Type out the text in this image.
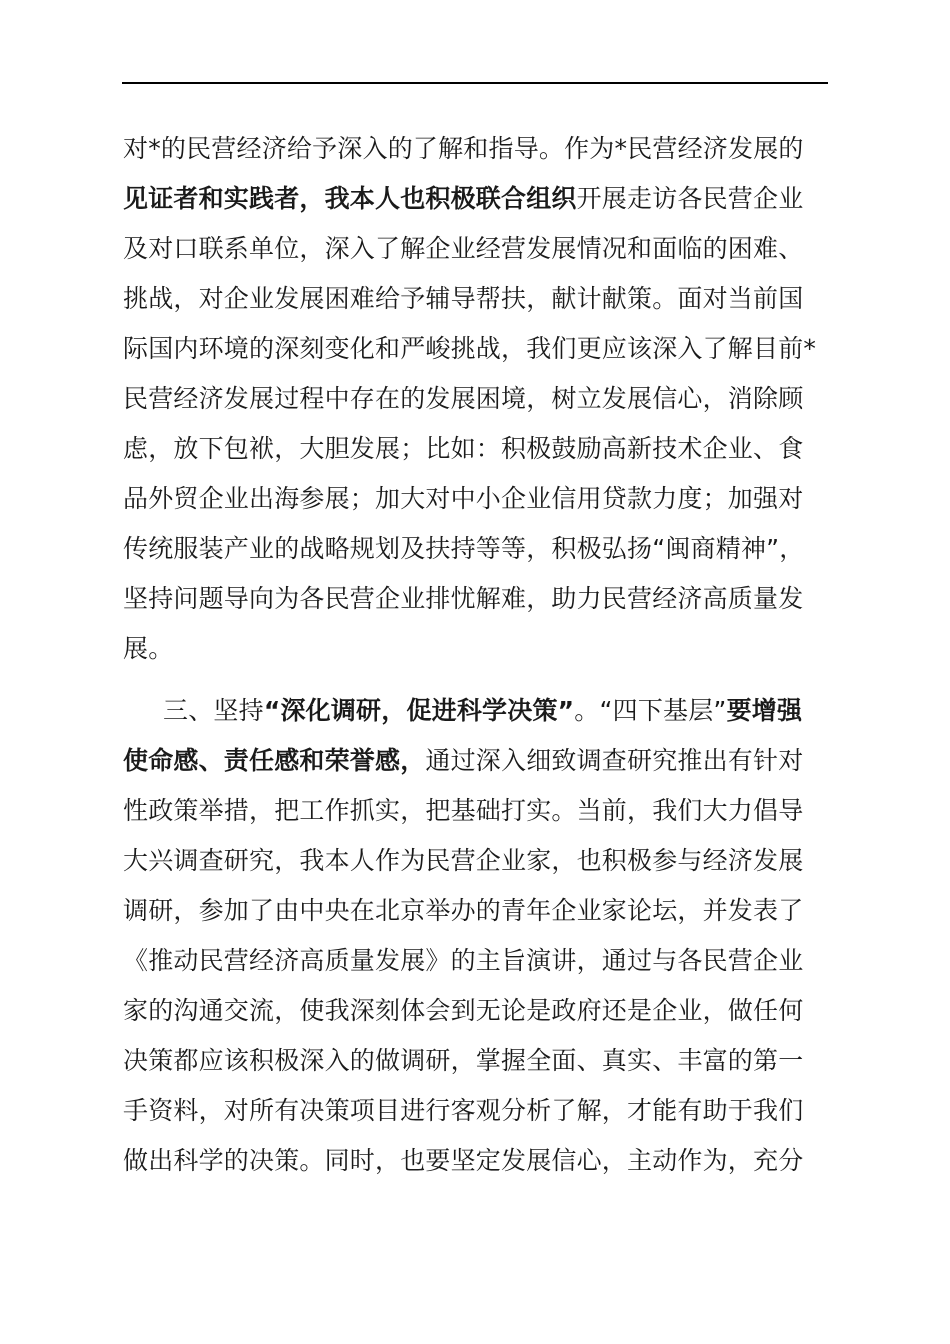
对*的民营经济给予深入的了解和指导。作为*民营经济发展的
见证者和实践者，我本人也积极联合组织开展走访各民营企业
及对口联系单位，深入了解企业经营发展情况和面临的困难、
挑战，对企业发展困难给予辅导帮扶，献计献策。面对当前国
际国内环境的深刻变化和严峻挑战，我们更应该深入了解目前*
民营经济发展过程中存在的发展困境，树立发展信心，消除顾
虑，放下包袱，大胆发展；比如：积极鼓励高新技术企业、食
品外贸企业出海参展；加大对中小企业信用贷款力度；加强对
传统服装产业的战略规划及扶持等等，积极弘扬“闽商精神”，
坚持问题导向为各民营企业排忧解难，助力民营经济高质量发
展。
三、坚持“深化调研，促进科学决策”。“四下基层”要增强
使命感、责任感和荣誉感，通过深入细致调查研究推出有针对
性政策举措，把工作抓实，把基础打实。当前，我们大力倡导
大兴调查研究，我本人作为民营企业家，也积极参与经济发展
调研，参加了由中央在北京举办的青年企业家论坛，并发表了
《推动民营经济高质量发展》的主旨演讲，通过与各民营企业
家的沟通交流，使我深刻体会到无论是政府还是企业，做任何
决策都应该积极深入的做调研，掌握全面、真实、丰富的第一
手资料，对所有决策项目进行客观分析了解，才能有助于我们
做出科学的决策。同时，也要坚定发展信心，主动作为，充分
